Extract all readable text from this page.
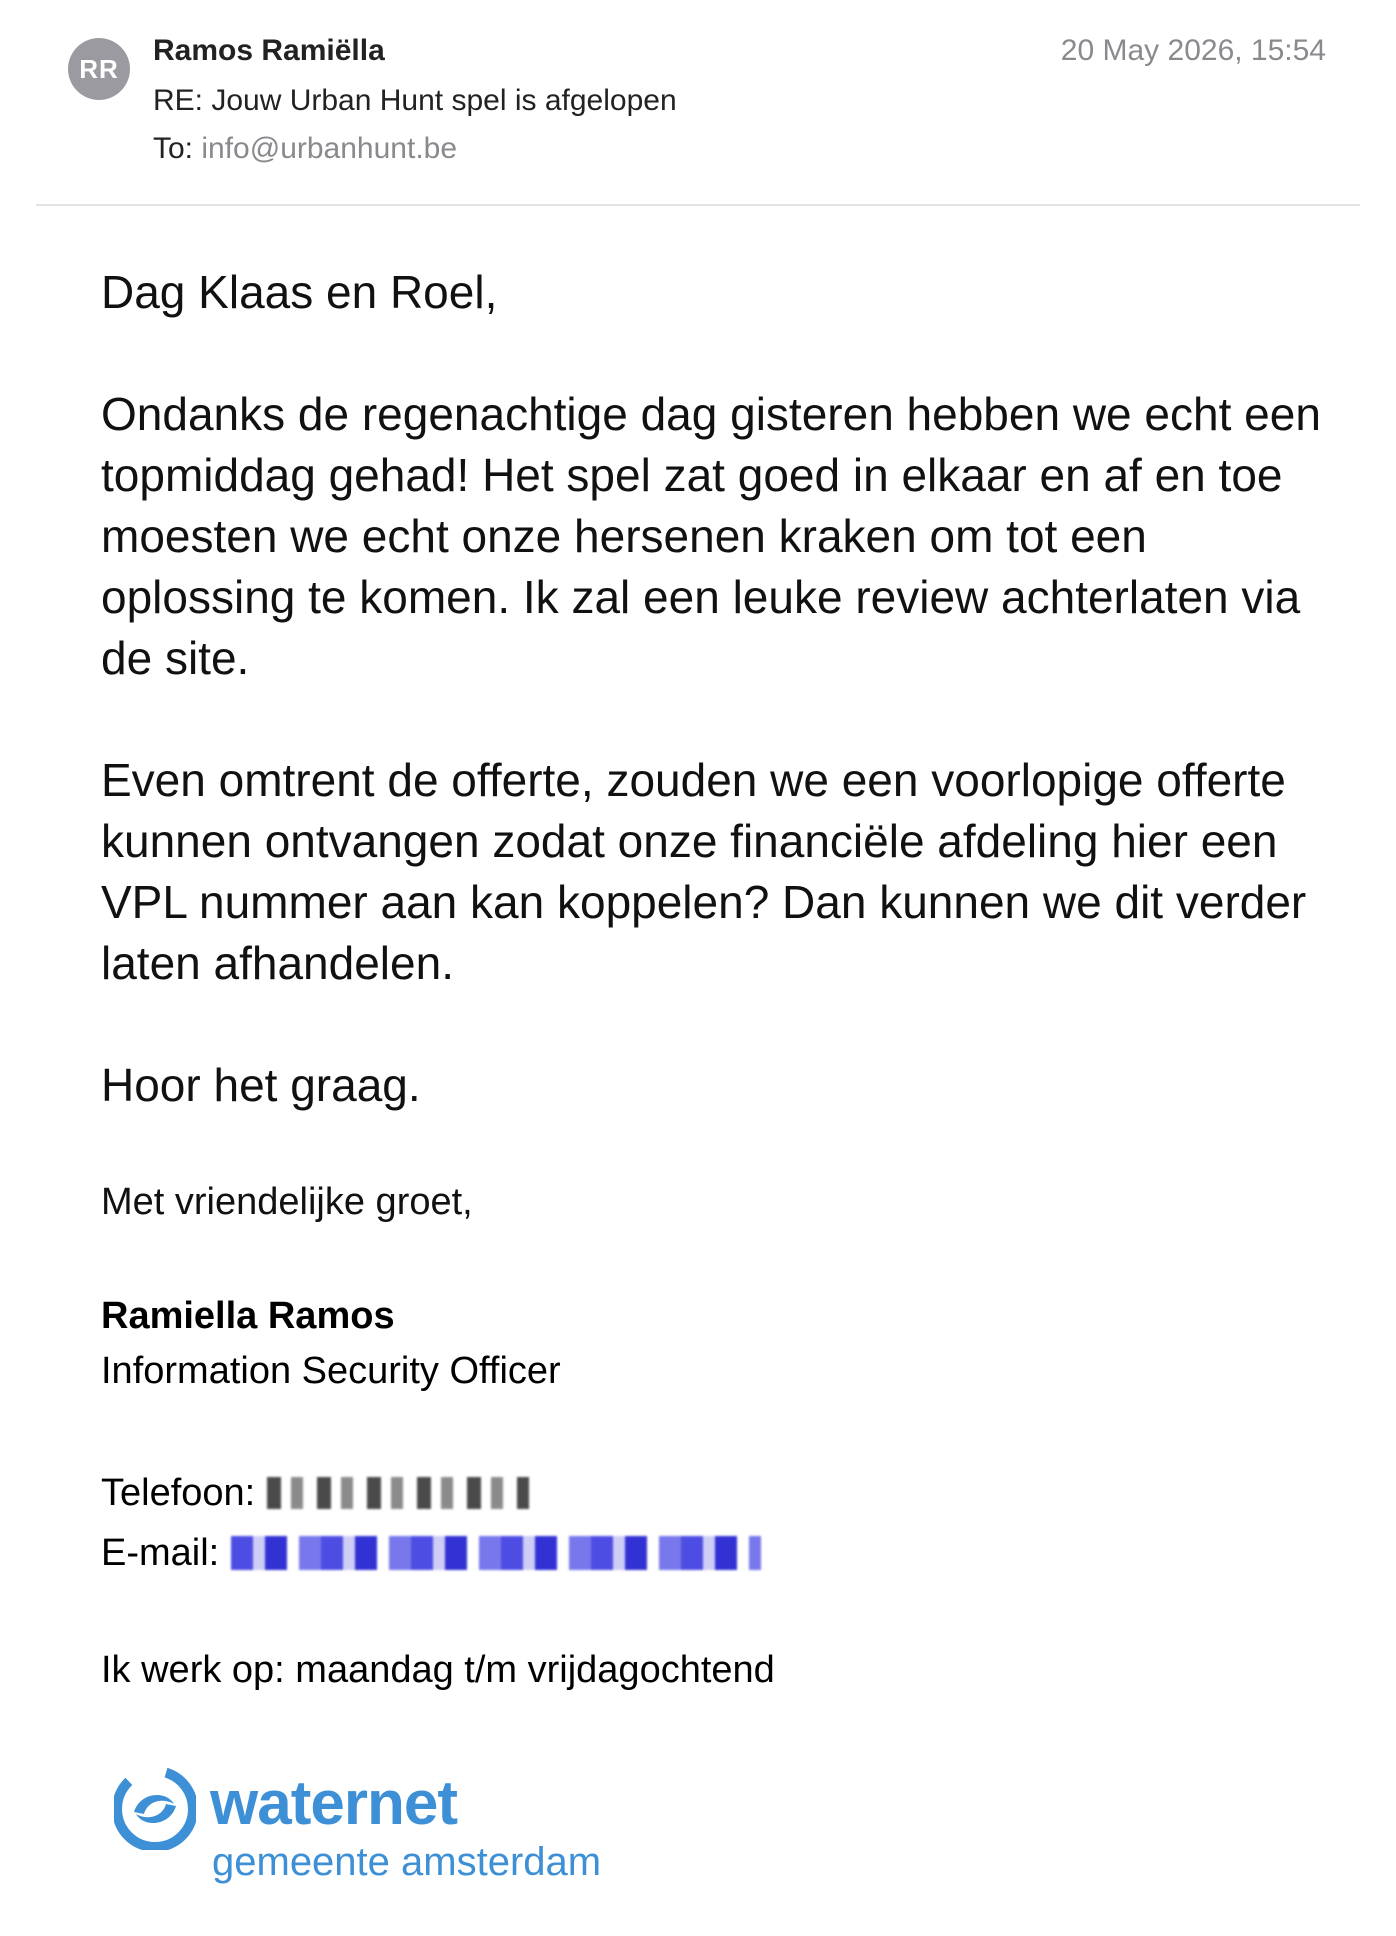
RR
Ramos Ramiëlla	20 May 2026, 15:54
RE: Jouw Urban Hunt spel is afgelopen
To: info@urbanhunt.be

Dag Klaas en Roel,

Ondanks de regenachtige dag gisteren hebben we echt een topmiddag gehad! Het spel zat goed in elkaar en af en toe moesten we echt onze hersenen kraken om tot een oplossing te komen. Ik zal een leuke review achterlaten via de site.

Even omtrent de offerte, zouden we een voorlopige offerte kunnen ontvangen zodat onze financiële afdeling hier een VPL nummer aan kan koppelen? Dan kunnen we dit verder laten afhandelen.

Hoor het graag.

Met vriendelijke groet,

Ramiella Ramos

Information Security Officer

Telefoon:
E-mail:

Ik werk op: maandag t/m vrijdagochtend

waternet
gemeente amsterdam
